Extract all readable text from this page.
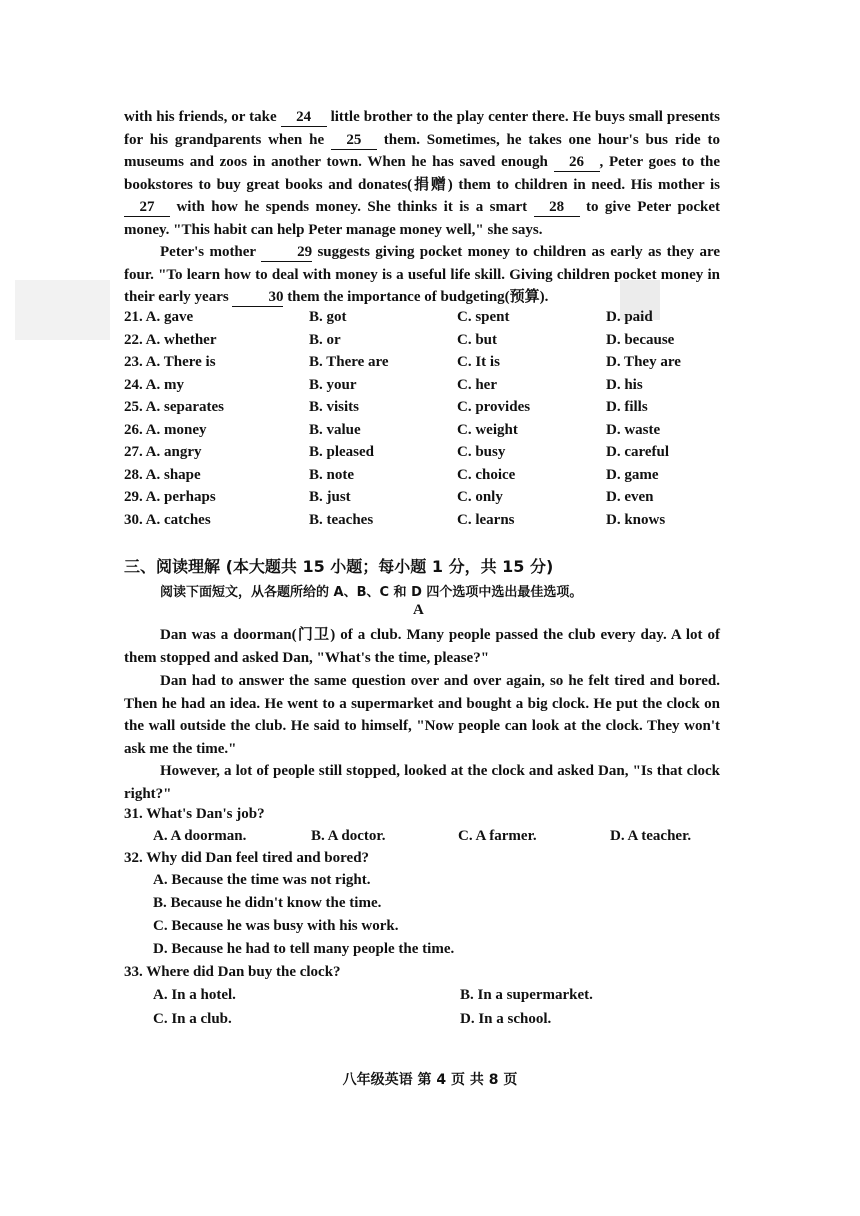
with his friends, or take 24 little brother to the play center there. He buys small presents for his grandparents when he 25 them. Sometimes, he takes one hour's bus ride to museums and zoos in another town. When he has saved enough 26 , Peter goes to the bookstores to buy great books and donates(捐赠) them to children in need. His mother is 27 with how he spends money. She thinks it is a smart 28 to give Peter pocket money. "This habit can help Peter manage money well," she says.
Peter's mother 29 suggests giving pocket money to children as early as they are four. "To learn how to deal with money is a useful life skill. Giving children pocket money in their early years 30 them the importance of budgeting(预算).
21. A. gave	B. got	C. spent	D. paid
22. A. whether	B. or	C. but	D. because
23. A. There is	B. There are	C. It is	D. They are
24. A. my	B. your	C. her	D. his
25. A. separates	B. visits	C. provides	D. fills
26. A. money	B. value	C. weight	D. waste
27. A. angry	B. pleased	C. busy	D. careful
28. A. shape	B. note	C. choice	D. game
29. A. perhaps	B. just	C. only	D. even
30. A. catches	B. teaches	C. learns	D. knows
三、阅读理解 (本大题共 15 小题；每小题 1 分，共 15 分)
阅读下面短文，从各题所给的 A、B、C 和 D 四个选项中选出最佳选项。
A
Dan was a doorman(门卫) of a club. Many people passed the club every day. A lot of them stopped and asked Dan, "What's the time, please?"
Dan had to answer the same question over and over again, so he felt tired and bored. Then he had an idea. He went to a supermarket and bought a big clock. He put the clock on the wall outside the club. He said to himself, "Now people can look at the clock. They won't ask me the time."
However, a lot of people still stopped, looked at the clock and asked Dan, "Is that clock right?"
31. What's Dan's job?
A. A doorman.	B. A doctor.	C. A farmer.	D. A teacher.
32. Why did Dan feel tired and bored?
A. Because the time was not right.
B. Because he didn't know the time.
C. Because he was busy with his work.
D. Because he had to tell many people the time.
33. Where did Dan buy the clock?
A. In a hotel.	B. In a supermarket.
C. In a club.	D. In a school.
八年级英语 第 4 页 共 8 页
